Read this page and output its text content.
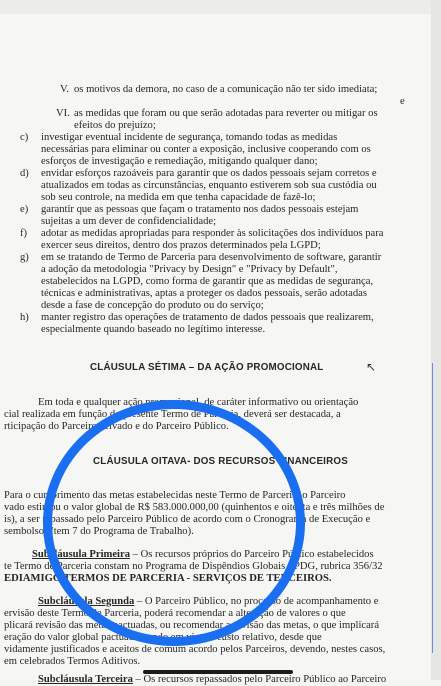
V. os motivos da demora, no caso de a comunicação não ter sido imediata;
e
VI. as medidas que foram ou que serão adotadas para reverter ou mitigar os
efeitos do prejuízo;
c) investigar eventual incidente de segurança, tomando todas as medidas
necessárias para eliminar ou conter a exposição, inclusive cooperando com os
esforços de investigação e remediação, mitigando qualquer dano;
d) envidar esforços razoáveis para garantir que os dados pessoais sejam corretos e
atualizados em todas as circunstâncias, enquanto estiverem sob sua custódia ou
sob seu controle, na medida em que tenha capacidade de fazê-lo;
e) garantir que as pessoas que façam o tratamento nos dados pessoais estejam
sujeitas a um dever de confidencialidade;
f) adotar as medidas apropriadas para responder às solicitações dos indivíduos para
exercer seus direitos, dentro dos prazos determinados pela LGPD;
g) em se tratando de Termo de Parceria para desenvolvimento de software, garantir
a adoção da metodologia "Privacy by Design" e "Privacy by Default",
estabelecidos na LGPD, como forma de garantir que as medidas de segurança,
técnicas e administrativas, aptas a proteger os dados pessoais, serão adotadas
desde a fase de concepção do produto ou do serviço;
h) manter registro das operações de tratamento de dados pessoais que realizarem,
especialmente quando baseado no legítimo interesse.
↖
CLÁUSULA SÉTIMA – DA AÇÃO PROMOCIONAL
Em toda e qualquer ação promocional, de caráter informativo ou orientação
cial realizada em função do presente Termo de Parceria, deverá ser destacada, a
rticipação do Parceiro Privado e do Parceiro Público.
CLÁUSULA OITAVA- DOS RECURSOS FINANCEIROS
Para o cumprimento das metas estabelecidas neste Termo de Parceria, o Parceiro
vado estimou o valor global de R$ 583.000.000,00 (quinhentos e oitenta e três milhões de
is), a ser repassado pelo Parceiro Público de acordo com o Cronograma de Execução e
sembolso (Item 7 do Programa de Trabalho).
Subcláusula Primeira – Os recursos próprios do Parceiro Público estabelecidos
te Termo de Parceria constam no Programa de Dispêndios Globais - PDG, rubrica 356/32
EDIAMIGO TERMOS DE PARCERIA - SERVIÇOS DE TERCEIROS.
Subcláusula Segunda – O Parceiro Público, no processo de acompanhamento e
ervisão deste Termo de Parceria, poderá recomendar a alteração de valores o que
plicará revisão das metas pactuadas, ou recomendar a revisão das metas, o que implicará
eração do valor global pactuado, tendo em vista o custo relativo, desde que
vidamente justificados e aceitos de comum acordo pelos Parceiros, devendo, nestes casos,
em celebrados Termos Aditivos.
Subcláusula Terceira – Os recursos repassados pelo Parceiro Público ao Parceiro
